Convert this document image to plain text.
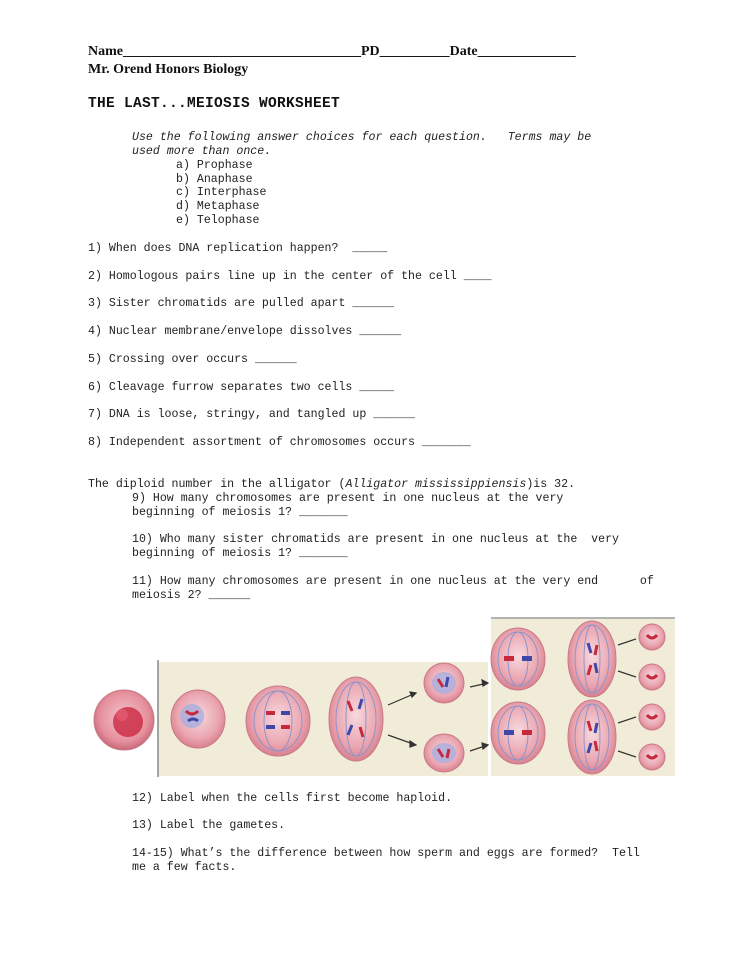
Name__________________________________PD__________Date______________
Mr. Orend Honors Biology
THE LAST...MEIOSIS WORKSHEET
Use the following answer choices for each question.   Terms may be
used more than once.
a) Prophase
b) Anaphase
c) Interphase
d) Metaphase
e) Telophase
1) When does DNA replication happen?  _____
2) Homologous pairs line up in the center of the cell ____
3) Sister chromatids are pulled apart ______
4) Nuclear membrane/envelope dissolves ______
5) Crossing over occurs ______
6) Cleavage furrow separates two cells _____
7) DNA is loose, stringy, and tangled up ______
8) Independent assortment of chromosomes occurs _______
The diploid number in the alligator (Alligator mississippiensis)is 32.
9) How many chromosomes are present in one nucleus at the very
beginning of meiosis 1? _______
10) Who many sister chromatids are present in one nucleus at the  very
beginning of meiosis 1? _______
11) How many chromosomes are present in one nucleus at the very end      of
meiosis 2? ______
12) Label when the cells first become haploid.
13) Label the gametes.
14-15) What’s the difference between how sperm and eggs are formed?  Tell
me a few facts.
